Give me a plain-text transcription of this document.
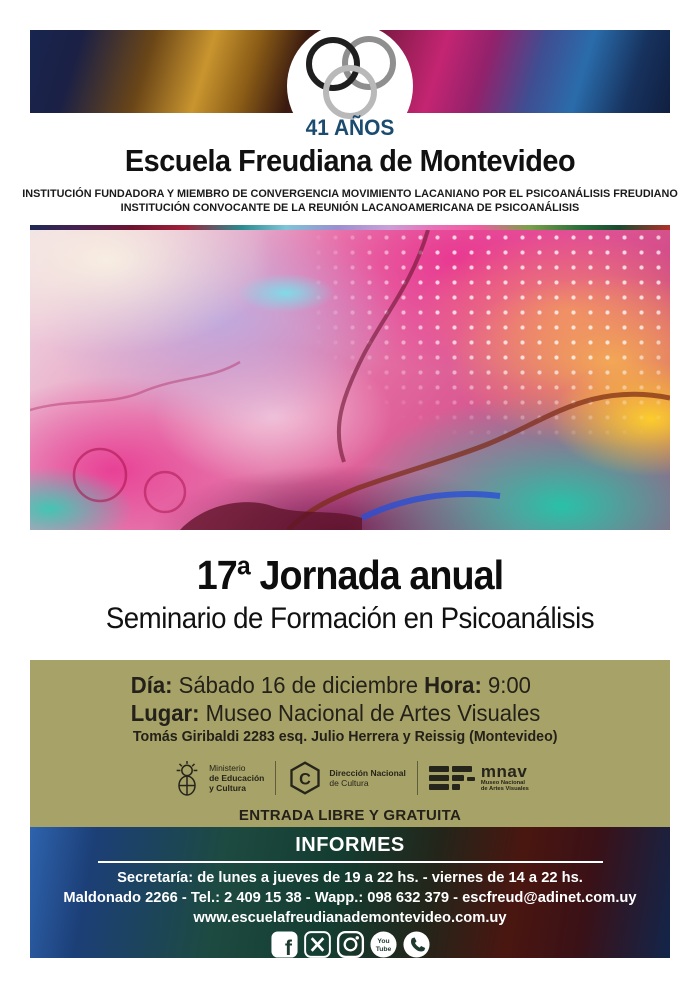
1982	2023
41 AÑOS
Escuela Freudiana de Montevideo
INSTITUCIÓN FUNDADORA Y MIEMBRO DE CONVERGENCIA MOVIMIENTO LACANIANO POR EL PSICOANÁLISIS FREUDIANO
INSTITUCIÓN CONVOCANTE DE LA REUNIÓN LACANOAMERICANA DE PSICOANÁLISIS
17ª Jornada anual
Seminario de Formación en Psicoanálisis
Día: Sábado 16 de diciembre Hora: 9:00
Lugar: Museo Nacional de Artes Visuales
Tomás Giribaldi 2283 esq. Julio Herrera y Reissig (Montevideo)
Ministerio
de Educación
y Cultura	C Dirección Nacional
de Cultura
mnav
Museo Nacional
de Artes Visuales
ENTRADA LIBRE Y GRATUITA
INFORMES
Secretaría: de lunes a jueves de 19 a 22 hs. - viernes de 14 a 22 hs.
Maldonado 2266 - Tel.: 2 409 15 38 - Wapp.: 098 632 379 - escfreud@adinet.com.uy
www.escuelafreudianademontevideo.com.uy
f	You
Tube
